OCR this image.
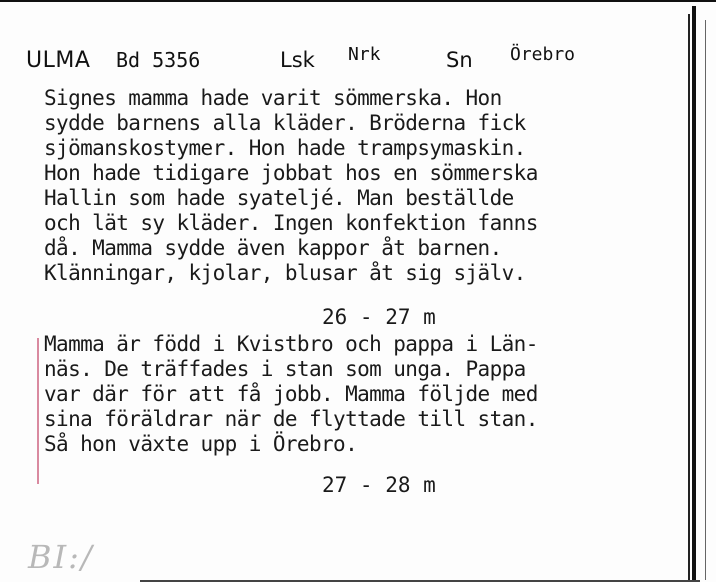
ULMA Bd 5356	Lsk Nrk	Sn Örebro
Signes mamma hade varit sömmerska. Hon
sydde barnens alla kläder. Bröderna fick
sjömanskostymer. Hon hade trampsymaskin.
Hon hade tidigare jobbat hos en sömmerska
Hallin som hade syateljé. Man beställde
och lät sy kläder. Ingen konfektion fanns
då. Mamma sydde även kappor åt barnen.
Klänningar, kjolar, blusar åt sig själv.
26 - 27 m
Mamma är född i Kvistbro och pappa i Län-
näs. De träffades i stan som unga. Pappa
var där för att få jobb. Mamma följde med
sina föräldrar när de flyttade till stan.
Så hon växte upp i Örebro.
27 - 28 m
BI:/
